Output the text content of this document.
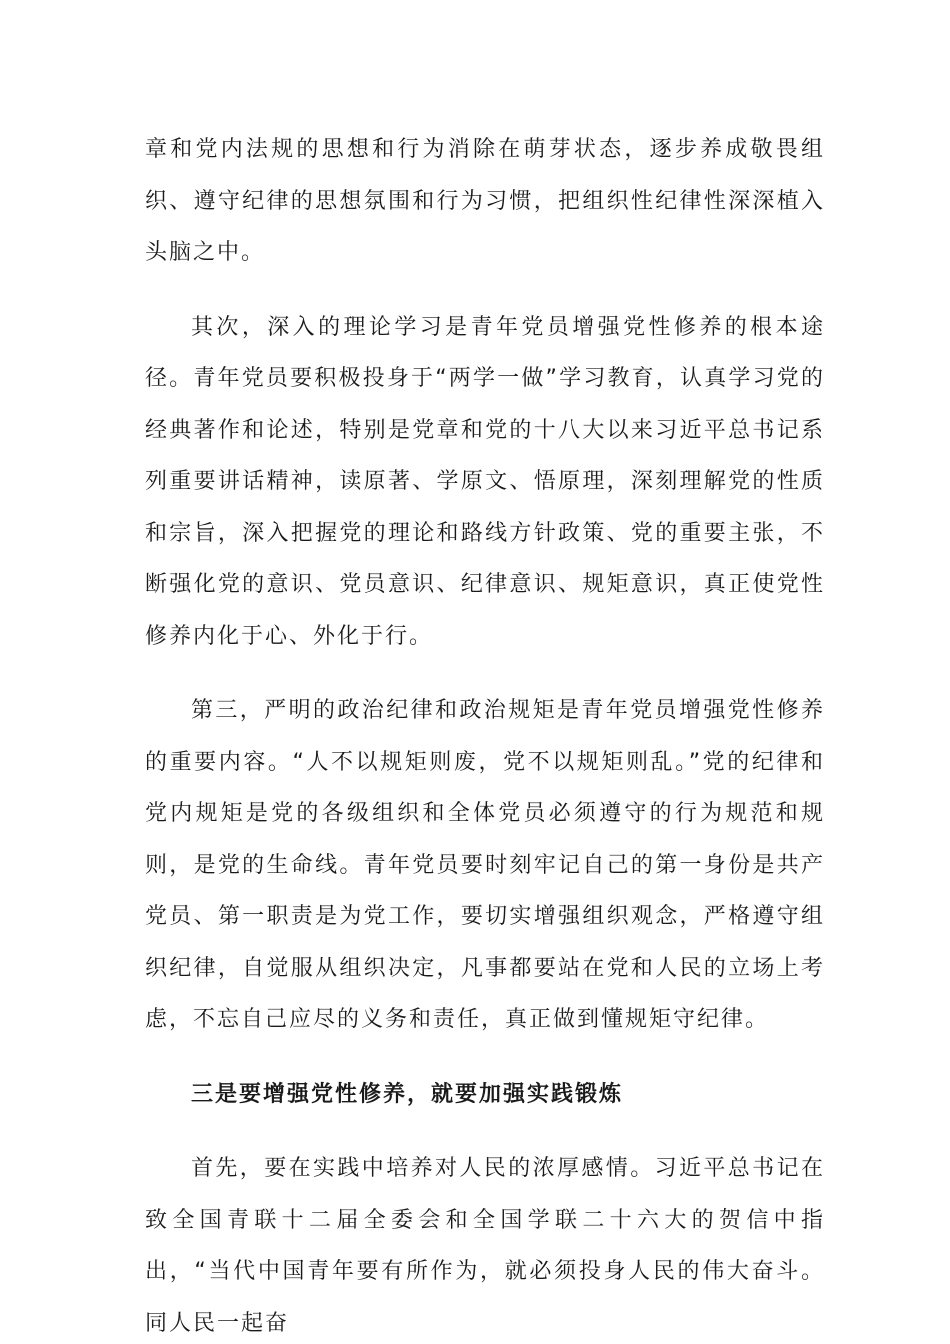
章和党内法规的思想和行为消除在萌芽状态，逐步养成敬畏组织、遵守纪律的思想氛围和行为习惯，把组织性纪律性深深植入头脑之中。

其次，深入的理论学习是青年党员增强党性修养的根本途径。青年党员要积极投身于“两学一做”学习教育，认真学习党的经典著作和论述，特别是党章和党的十八大以来习近平总书记系列重要讲话精神，读原著、学原文、悟原理，深刻理解党的性质和宗旨，深入把握党的理论和路线方针政策、党的重要主张，不断强化党的意识、党员意识、纪律意识、规矩意识，真正使党性修养内化于心、外化于行。

第三，严明的政治纪律和政治规矩是青年党员增强党性修养的重要内容。“人不以规矩则废，党不以规矩则乱。”党的纪律和党内规矩是党的各级组织和全体党员必须遵守的行为规范和规则，是党的生命线。青年党员要时刻牢记自己的第一身份是共产党员、第一职责是为党工作，要切实增强组织观念，严格遵守组织纪律，自觉服从组织决定，凡事都要站在党和人民的立场上考虑，不忘自己应尽的义务和责任，真正做到懂规矩守纪律。

三是要增强党性修养，就要加强实践锻炼

首先，要在实践中培养对人民的浓厚感情。习近平总书记在致全国青联十二届全委会和全国学联二十六大的贺信中指出，“当代中国青年要有所作为，就必须投身人民的伟大奋斗。同人民一起奋
